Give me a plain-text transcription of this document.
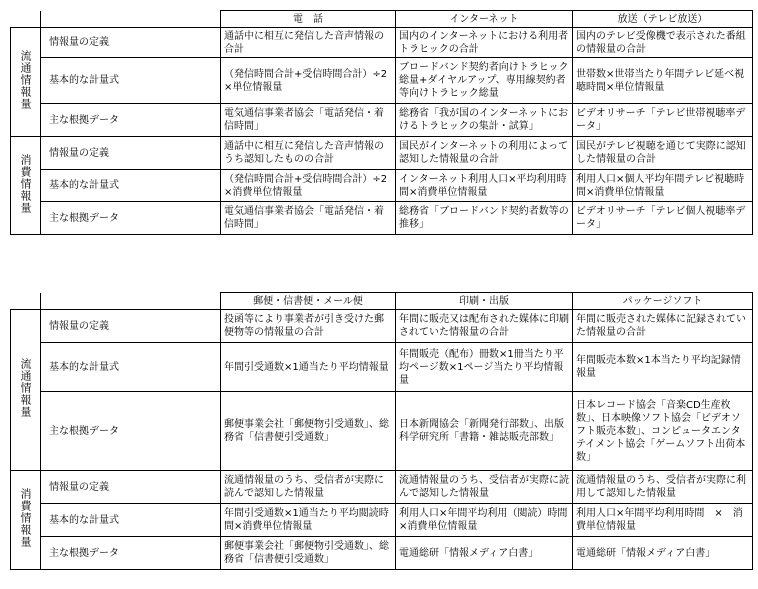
		電　話	インターネット	放送（テレビ放送）
流通情報量	情報量の定義	通話中に相互に発信した音声情報の合計	国内のインターネットにおける利用者トラヒックの合計	国内のテレビ受像機で表示された番組の情報量の合計
	基本的な計量式	（発信時間合計+受信時間合計）÷2×単位情報量	ブロードバンド契約者向けトラヒック総量+ダイヤルアップ、専用線契約者等向けトラヒック総量	世帯数×世帯当たり年間テレビ延べ視聴時間×単位情報量
	主な根拠データ	電気通信事業者協会「電話発信・着信時間」	総務省「我が国のインターネットにおけるトラヒックの集計・試算」	ビデオリサーチ「テレビ世帯視聴率データ」
消費情報量	情報量の定義	通話中に相互に発信した音声情報のうち認知したものの合計	国民がインターネットの利用によって認知した情報量の合計	国民がテレビ視聴を通じて実際に認知した情報量の合計
	基本的な計量式	（発信時間合計+受信時間合計）÷2×消費単位情報量	インターネット利用人口×平均利用時間×消費単位情報量	利用人口×個人平均年間テレビ視聴時間×消費単位情報量
	主な根拠データ	電気通信事業者協会「電話発信・着信時間」	総務省「ブロードバンド契約者数等の推移」	ビデオリサーチ「テレビ個人視聴率データ」
		郵便・信書便・メール便	印刷・出版	パッケージソフト
流通情報量	情報量の定義	投函等により事業者が引き受けた郵便物等の情報量の合計	年間に販売又は配布された媒体に印刷されていた情報量の合計	年間に販売された媒体に記録されていた情報量の合計
	基本的な計量式	年間引受通数×1通当たり平均情報量	年間販売（配布）冊数×1冊当たり平均ページ数×1ページ当たり平均情報量	年間販売本数×1本当たり平均記録情報量
	主な根拠データ	郵便事業会社「郵便物引受通数」、総務省「信書便引受通数」	日本新聞協会「新聞発行部数」、出版科学研究所「書籍・雑誌販売部数」	日本レコード協会「音楽CD生産枚数」、日本映像ソフト協会「ビデオソフト販売本数」、コンピュータエンタテイメント協会「ゲームソフト出荷本数」
消費情報量	情報量の定義	流通情報量のうち、受信者が実際に読んで認知した情報量	流通情報量のうち、受信者が実際に読んで認知した情報量	流通情報量のうち、受信者が実際に利用して認知した情報量
	基本的な計量式	年間引受通数×1通当たり平均閲読時間×消費単位情報量	利用人口×年間平均利用（閲読）時間×消費単位情報量	利用人口×年間平均利用時間　×　消費単位情報量
	主な根拠データ	郵便事業会社「郵便物引受通数」、総務省「信書便引受通数」	電通総研「情報メディア白書」	電通総研「情報メディア白書」
